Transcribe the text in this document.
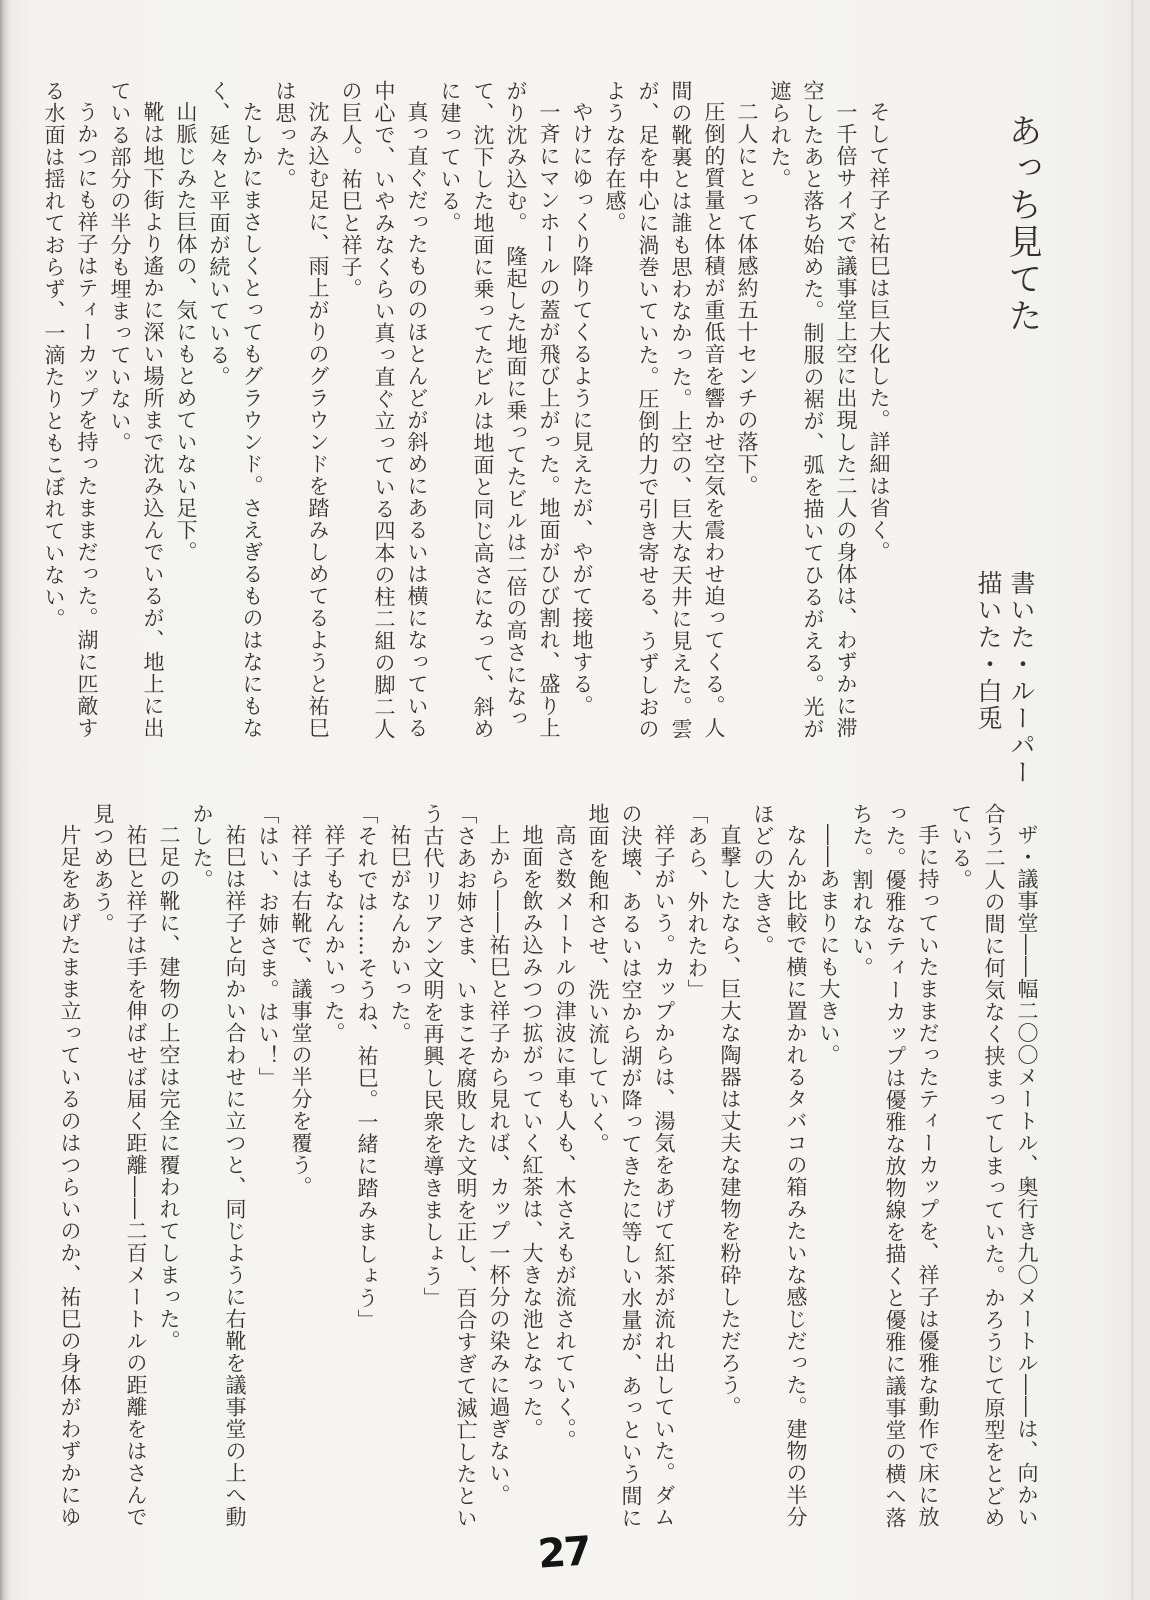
あっち見てた
書いた・ルーパー
描いた・白兎

そして祥子と祐巳は巨大化した。詳細は省く。

一千倍サイズで議事堂上空に出現した二人の身体は、わずかに滞空したあと落ち始めた。制服の裾が、弧を描いてひるがえる。光が遮られた。

二人にとって体感約五十センチの落下。

圧倒的質量と体積が重低音を響かせ空気を震わせ迫ってくる。人間の靴裏とは誰も思わなかった。上空の、巨大な天井に見えた。雲が、足を中心に渦巻いていた。圧倒的力で引き寄せる、うずしおのような存在感。

やけにゆっくり降りてくるように見えたが、やがて接地する。

一斉にマンホールの蓋が飛び上がった。地面がひび割れ、盛り上がり沈み込む。　隆起した地面に乗ってたビルは二倍の高さになって、沈下した地面に乗ってたビルは地面と同じ高さになって、斜めに建っている。

真っ直ぐだったもののほとんどが斜めにあるいは横になっている中心で、いやみなくらい真っ直ぐ立っている四本の柱二組の脚二人の巨人。祐巳と祥子。

沈み込む足に、雨上がりのグラウンドを踏みしめてるようと祐巳は思った。

たしかにまさしくとってもグラウンド。さえぎるものはなにもなく、延々と平面が続いている。

山脈じみた巨体の、気にもとめていない足下。

靴は地下街より遙かに深い場所まで沈み込んでいるが、地上に出ている部分の半分も埋まっていない。

うかつにも祥子はティーカップを持ったままだった。湖に匹敵する水面は揺れておらず、一滴たりともこぼれていない。

ザ・議事堂――幅二〇〇メートル、奥行き九〇メートル――は、向かい合う二人の間に何気なく挟まってしまっていた。かろうじて原型をとどめている。

手に持っていたままだったティーカップを、祥子は優雅な動作で床に放った。優雅なティーカップは優雅な放物線を描くと優雅に議事堂の横へ落ちた。割れない。

――あまりにも大きい。

なんか比較で横に置かれるタバコの箱みたいな感じだった。建物の半分ほどの大きさ。

直撃したなら、巨大な陶器は丈夫な建物を粉砕しただろう。

「あら、外れたわ」

祥子がいう。カップからは、湯気をあげて紅茶が流れ出していた。ダムの決壊、あるいは空から湖が降ってきたに等しい水量が、あっという間に地面を飽和させ、洗い流していく。

高さ数メートルの津波に車も人も、木さえもが流されていく。。

地面を飲み込みつつ拡がっていく紅茶は、大きな池となった。

上から――祐巳と祥子から見れば、カップ一杯分の染みに過ぎない。

「さあお姉さま、いまこそ腐敗した文明を正し、百合すぎて滅亡したという古代リリアン文明を再興し民衆を導きましょう」

祐巳がなんかいった。

「それでは……そうね、祐巳。一緒に踏みましょう」

祥子もなんかいった。

祥子は右靴で、議事堂の半分を覆う。

「はい、お姉さま。はい！」

祐巳は祥子と向かい合わせに立つと、同じように右靴を議事堂の上へ動かした。

二足の靴に、建物の上空は完全に覆われてしまった。

祐巳と祥子は手を伸ばせば届く距離――二百メートルの距離をはさんで見つめあう。

片足をあげたまま立っているのはつらいのか、祐巳の身体がわずかにゆ

27
